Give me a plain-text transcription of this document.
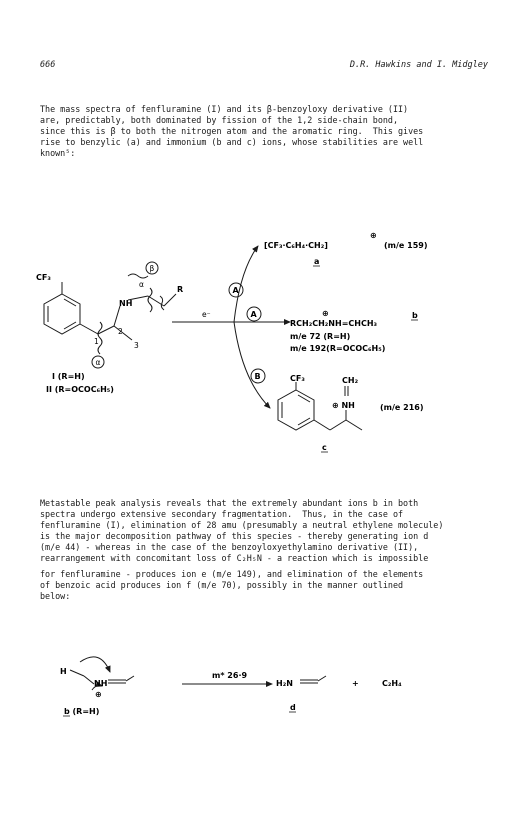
666	D.R. Hawkins and I. Midgley
The mass spectra of fenfluramine (I) and its β-benzoyloxy derivative (II)
are, predictably, both dominated by fission of the 1,2 side-chain bond,
since this is β to both the nitrogen atom and the aromatic ring.  This gives
rise to benzylic (a) and immonium (b and c) ions, whose stabilities are well
known⁵:
CF₃
NH
R
α
β
α
1
2
3
I (R=H)
II (R=OCOC₆H₅)
e⁻
A
A
B
[CF₃·C₆H₄·CH₂]
⊕
(m/e 159)
a
⊕
RCH₂CH₂NH=CHCH₃
b
m/e 72 (R=H)
m/e 192(R=OCOC₆H₅)
CF₃	CH₂
⊕ NH	(m/e 216)
c
H
NH
⊕
b (R=H)
m* 26·9
H₂N	+	C₂H₄
d
Metastable peak analysis reveals that the extremely abundant ions b in both
spectra undergo extensive secondary fragmentation.  Thus, in the case of
fenfluramine (I), elimination of 28 amu (presumably a neutral ethylene molecule)
is the major decomposition pathway of this species - thereby generating ion d
(m/e 44) - whereas in the case of the benzoyloxyethylamino derivative (II),
rearrangement with concomitant loss of C₂H₅N - a reaction which is impossible
for fenfluramine - produces ion e (m/e 149), and elimination of the elements
of benzoic acid produces ion f (m/e 70), possibly in the manner outlined
below:
